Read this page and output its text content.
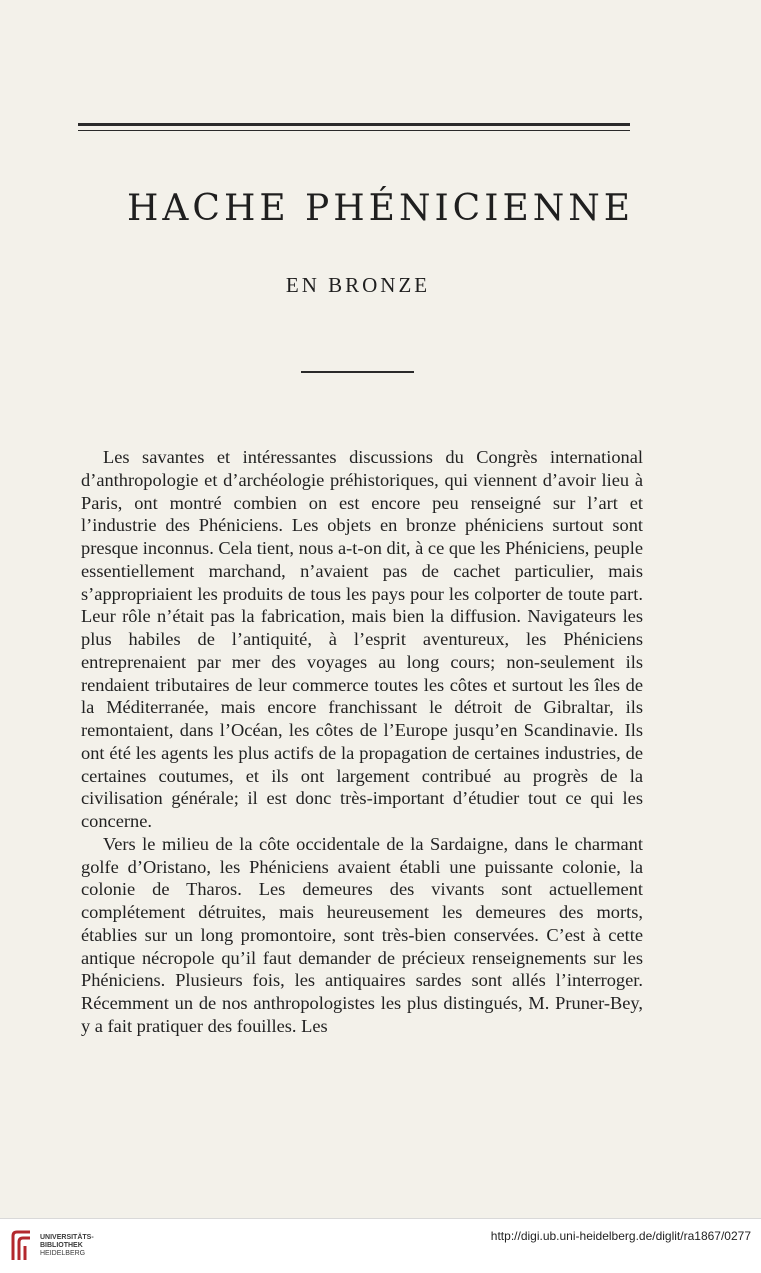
HACHE PHÉNICIENNE
EN BRONZE

Les savantes et intéressantes discussions du Congrès international d’anthropologie et d’archéologie préhistoriques, qui viennent d’avoir lieu à Paris, ont montré combien on est encore peu renseigné sur l’art et l’industrie des Phéniciens. Les objets en bronze phéniciens surtout sont presque inconnus. Cela tient, nous a-t-on dit, à ce que les Phéniciens, peuple essentiellement marchand, n’avaient pas de cachet particulier, mais s’appropriaient les produits de tous les pays pour les colporter de toute part. Leur rôle n’était pas la fabrication, mais bien la diffusion. Navigateurs les plus habiles de l’antiquité, à l’esprit aventureux, les Phéniciens entreprenaient par mer des voyages au long cours; non-seulement ils rendaient tributaires de leur commerce toutes les côtes et surtout les îles de la Méditerranée, mais encore franchissant le détroit de Gibraltar, ils remontaient, dans l’Océan, les côtes de l’Europe jusqu’en Scandinavie. Ils ont été les agents les plus actifs de la propagation de certaines industries, de certaines coutumes, et ils ont largement contribué au progrès de la civilisation générale; il est donc très-important d’étudier tout ce qui les concerne.

Vers le milieu de la côte occidentale de la Sardaigne, dans le charmant golfe d’Oristano, les Phéniciens avaient établi une puissante colonie, la colonie de Tharos. Les demeures des vivants sont actuellement complétement détruites, mais heureusement les demeures des morts, établies sur un long promontoire, sont très-bien conservées. C’est à cette antique nécropole qu’il faut demander de précieux renseignements sur les Phéniciens. Plusieurs fois, les antiquaires sardes sont allés l’interroger. Récemment un de nos anthropologistes les plus distingués, M. Pruner-Bey, y a fait pratiquer des fouilles. Les

UNIVERSITÄTS-
BIBLIOTHEK
HEIDELBERG
http://digi.ub.uni-heidelberg.de/diglit/ra1867/0277
